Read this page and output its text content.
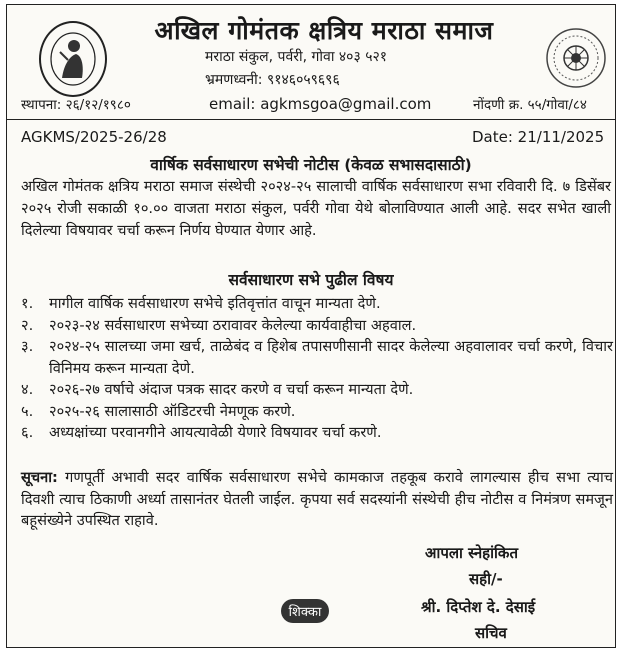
अखिल गोमंतक क्षत्रिय मराठा समाज
मराठा संकुल, पर्वरी, गोवा ४०३ ५२१
भ्रमणध्वनी: ९१४६०५९६९६
स्थापना: २६/१२/१९८०	email: agkmsgoa@gmail.com	नोंदणी क्र. ५५/गोवा/८४
AGKMS/2025-26/28	Date: 21/11/2025
वार्षिक सर्वसाधारण सभेची नोटीस (केवळ सभासदासाठी)
अखिल गोमंतक क्षत्रिय मराठा समाज संस्थेची २०२४-२५ सालाची वार्षिक सर्वसाधारण सभा रविवारी दि. ७ डिसेंबर २०२५ रोजी सकाळी १०.०० वाजता मराठा संकुल, पर्वरी गोवा येथे बोलाविण्यात आली आहे. सदर सभेत खाली दिलेल्या विषयावर चर्चा करून निर्णय घेण्यात येणार आहे.
सर्वसाधारण सभे पुढील विषय
१.	मागील वार्षिक सर्वसाधारण सभेचे इतिवृत्तांत वाचून मान्यता देणे.
२.	२०२३-२४ सर्वसाधारण सभेच्या ठरावावर केलेल्या कार्यवाहीचा अहवाल.
३.	२०२४-२५ सालच्या जमा खर्च, ताळेबंद व हिशेब तपासणीसानी सादर केलेल्या अहवालावर चर्चा करणे, विचार विनिमय करून मान्यता देणे.
४.	२०२६-२७ वर्षाचे अंदाज पत्रक सादर करणे व चर्चा करून मान्यता देणे.
५.	२०२५-२६ सालासाठी ऑडिटरची नेमणूक करणे.
६.	अध्यक्षांच्या परवानगीने आयत्यावेळी येणारे विषयावर चर्चा करणे.
सूचना: गणपूर्ती अभावी सदर वार्षिक सर्वसाधारण सभेचे कामकाज तहकूब करावे लागल्यास हीच सभा त्याच दिवशी त्याच ठिकाणी अर्ध्या तासानंतर घेतली जाईल. कृपया सर्व सदस्यांनी संस्थेची हीच नोटीस व निमंत्रण समजून बहूसंख्येने उपस्थित राहावे.
आपला स्नेहांकित
सही/-
श्री. दिप्तेश दे. देसाई
सचिव
शिक्का
